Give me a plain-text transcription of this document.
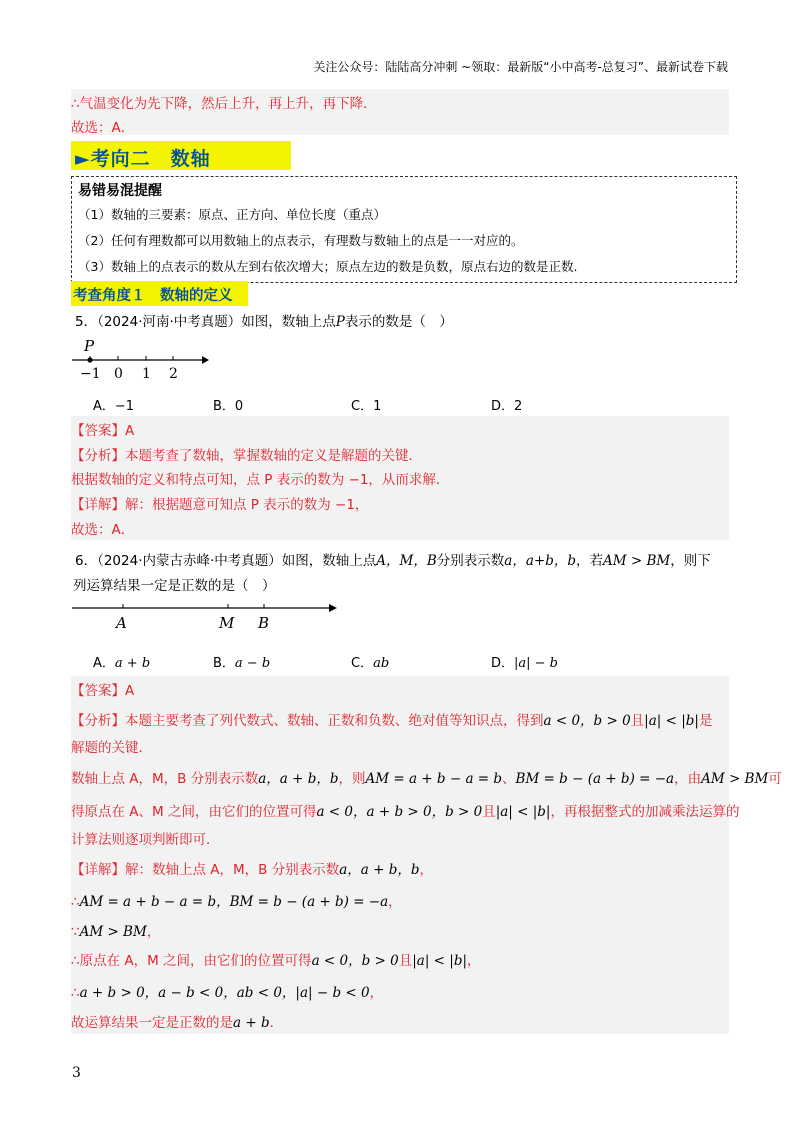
关注公众号：陆陆高分冲刺 ~领取：最新版“小中高考-总复习”、最新试卷下载
∴气温变化为先下降，然后上升，再上升，再下降．
故选：A．
►考向二　数轴
易错易混提醒
（1）数轴的三要素：原点、正方向、单位长度（重点）
（2）任何有理数都可以用数轴上的点表示，有理数与数轴上的点是一一对应的。
（3）数轴上的点表示的数从左到右依次增大；原点左边的数是负数，原点右边的数是正数.
考查角度１　数轴的定义
5．（2024·河南·中考真题）如图，数轴上点P表示的数是（　）
P
−1 0 1 2
A．−1	B．0	C．1	D．2
【答案】A
【分析】本题考查了数轴，掌握数轴的定义是解题的关键．
根据数轴的定义和特点可知，点 P 表示的数为 −1，从而求解．
【详解】解：根据题意可知点 P 表示的数为 −1，
故选：A．
6．（2024·内蒙古赤峰·中考真题）如图，数轴上点A，M，B分别表示数a，a+b，b，若AM > BM，则下
列运算结果一定是正数的是（　）
A	M B
A．a + b	B．a − b	C．ab	D．|a| − b
【答案】A
【分析】本题主要考查了列代数式、数轴、正数和负数、绝对值等知识点，得到a < 0，b > 0且|a| < |b|是
解题的关键．
数轴上点 A，M，B 分别表示数a，a + b，b，则AM = a + b − a = b、BM = b − (a + b) = −a，由AM > BM可
得原点在 A、M 之间，由它们的位置可得a < 0，a + b > 0，b > 0且|a| < |b|，再根据整式的加减乘法运算的
计算法则逐项判断即可．
【详解】解：数轴上点 A，M，B 分别表示数a，a + b，b，
∴AM = a + b − a = b，BM = b − (a + b) = −a，
∵AM > BM，
∴原点在 A，M 之间，由它们的位置可得a < 0，b > 0且|a| < |b|，
∴a + b > 0，a − b < 0，ab < 0，|a| − b < 0，
故运算结果一定是正数的是a + b．
3
